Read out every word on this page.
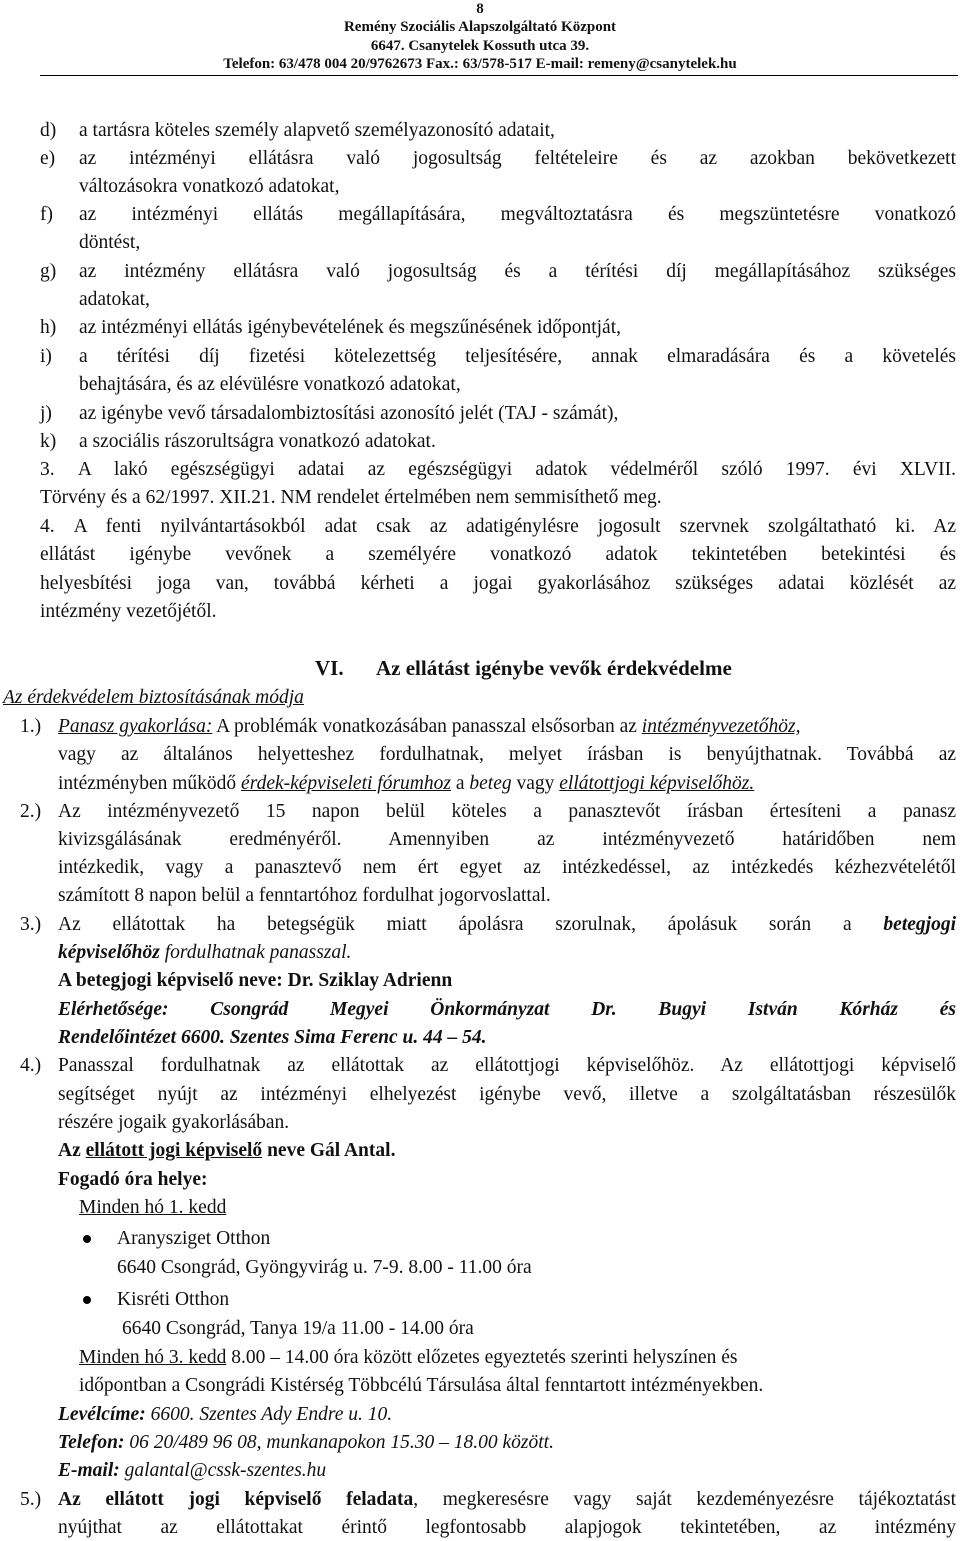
8
Remény Szociális Alapszolgáltató Központ
6647. Csanytelek Kossuth utca 39.
Telefon: 63/478 004 20/9762673 Fax.: 63/578-517 E-mail: remeny@csanytelek.hu
d) a tartásra köteles személy alapvető személyazonosító adatait,
e) az intézményi ellátásra való jogosultság feltételeire és az azokban bekövetkezett
változásokra vonatkozó adatokat,
f) az intézményi ellátás megállapítására, megváltoztatásra és megszüntetésre vonatkozó
döntést,
g) az intézmény ellátásra való jogosultság és a térítési díj megállapításához szükséges
adatokat,
h) az intézményi ellátás igénybevételének és megszűnésének időpontját,
i) a térítési díj fizetési kötelezettség teljesítésére, annak elmaradására és a követelés
behajtására, és az elévülésre vonatkozó adatokat,
j) az igénybe vevő társadalombiztosítási azonosító jelét (TAJ - számát),
k) a szociális rászorultságra vonatkozó adatokat.
3.	A lakó egészségügyi adatai az egészségügyi adatok védelméről szóló 1997. évi XLVII.
Törvény és a 62/1997. XII.21. NM rendelet értelmében nem semmisíthető meg.
4. A fenti nyilvántartásokból adat csak az adatigénylésre jogosult szervnek szolgáltatható ki. Az
ellátást igénybe vevőnek a személyére vonatkozó adatok tekintetében betekintési és
helyesbítési joga van, továbbá kérheti a jogai gyakorlásához szükséges adatai közlését az
intézmény vezetőjétől.
VI. Az ellátást igénybe vevők érdekvédelme
Az érdekvédelem biztosításának módja
1.) Panasz gyakorlása: A problémák vonatkozásában panasszal elsősorban az intézményvezetőhöz,
vagy az általános helyetteshez fordulhatnak, melyet írásban is benyújthatnak. Továbbá az
intézményben működő érdek-képviseleti fórumhoz a beteg vagy ellátottjogi képviselőhöz.
2.) Az intézményvezető 15 napon belül köteles a panasztevőt írásban értesíteni a panasz
kivizsgálásának eredményéről. Amennyiben az intézményvezető határidőben nem
intézkedik, vagy a panasztevő nem ért egyet az intézkedéssel, az intézkedés kézhezvételétől
számított 8 napon belül a fenntartóhoz fordulhat jogorvoslattal.
3.) Az ellátottak ha betegségük miatt ápolásra szorulnak, ápolásuk során a betegjogi
képviselőhöz fordulhatnak panasszal.
A betegjogi képviselő neve: Dr. Sziklay Adrienn
Elérhetősége: Csongrád Megyei Önkormányzat Dr. Bugyi István Kórház és
Rendelőintézet 6600. Szentes Sima Ferenc u. 44 – 54.
4.) Panasszal fordulhatnak az ellátottak az ellátottjogi képviselőhöz. Az ellátottjogi képviselő
segítséget nyújt az intézményi elhelyezést igénybe vevő, illetve a szolgáltatásban részesülők
részére jogaik gyakorlásában.
Az ellátott jogi képviselő neve Gál Antal.
Fogadó óra helye:
Minden hó 1. kedd
Aranysziget Otthon
6640 Csongrád, Gyöngyvirág u. 7-9. 8.00 - 11.00 óra
Kisréti Otthon
6640 Csongrád, Tanya 19/a 11.00 - 14.00 óra
Minden hó 3. kedd 8.00 – 14.00 óra között előzetes egyeztetés szerinti helyszínen és
időpontban a Csongrádi Kistérség Többcélú Társulása által fenntartott intézményekben.
Levélcíme: 6600. Szentes Ady Endre u. 10.
Telefon: 06 20/489 96 08, munkanapokon 15.30 – 18.00 között.
E-mail: galantal@cssk-szentes.hu
5.) Az ellátott jogi képviselő feladata, megkeresésre vagy saját kezdeményezésre tájékoztatást
nyújthat az ellátottakat érintő legfontosabb alapjogok tekintetében, az intézmény
